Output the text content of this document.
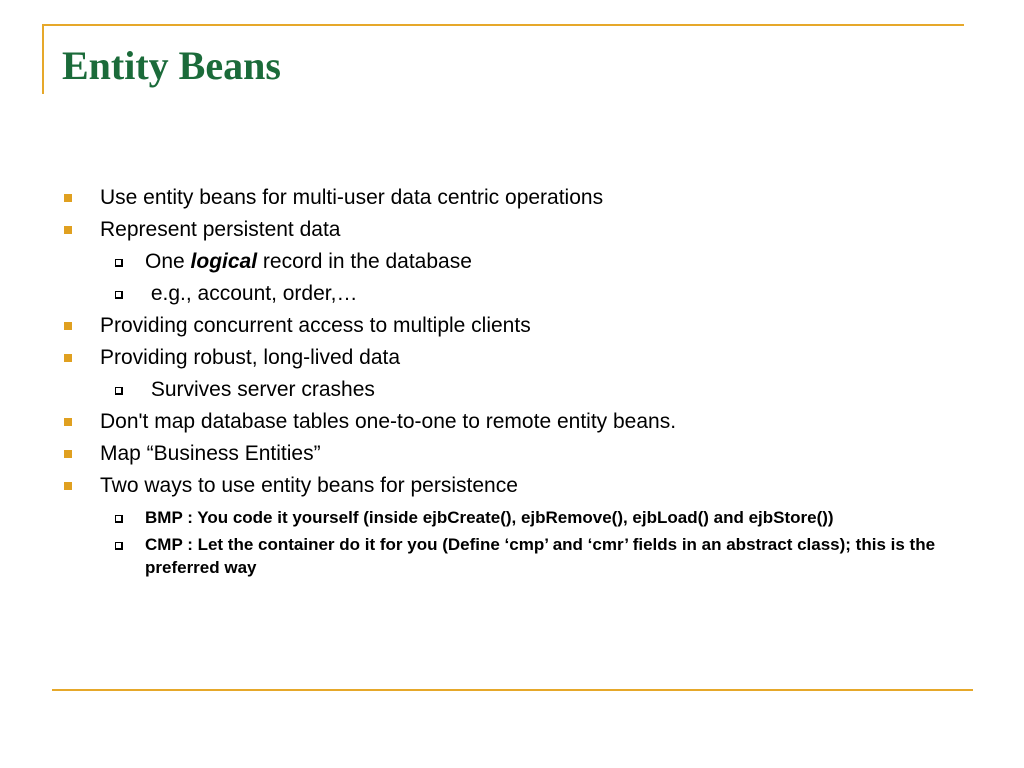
Entity Beans
Use entity beans for multi-user data centric operations
Represent persistent data
One logical record in the database
e.g., account, order,…
Providing concurrent access to multiple clients
Providing robust, long-lived data
Survives server crashes
Don't map database tables one-to-one to remote entity beans.
Map “Business Entities”
Two ways to use entity beans for persistence
BMP : You code it yourself (inside ejbCreate(), ejbRemove(), ejbLoad() and ejbStore())
CMP : Let the container do it for you (Define ‘cmp’ and ‘cmr’ fields in an abstract class); this is the preferred way
